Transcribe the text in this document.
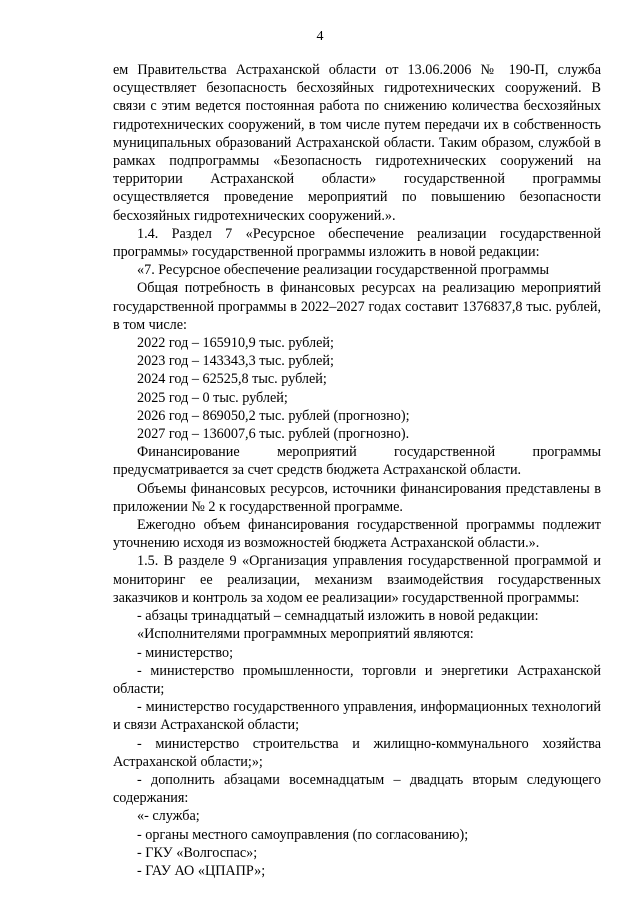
4

ем Правительства Астраханской области от 13.06.2006 № 190-П, служба осуществляет безопасность бесхозяйных гидротехнических сооружений. В связи с этим ведется постоянная работа по снижению количества бесхозяйных гидротехнических сооружений, в том числе путем передачи их в собственность муниципальных образований Астраханской области. Таким образом, службой в рамках подпрограммы «Безопасность гидротехнических сооружений на территории Астраханской области» государственной программы осуществляется проведение мероприятий по повышению безопасности бесхозяйных гидротехнических сооружений.».

1.4. Раздел 7 «Ресурсное обеспечение реализации государственной программы» государственной программы изложить в новой редакции:

«7. Ресурсное обеспечение реализации государственной программы

Общая потребность в финансовых ресурсах на реализацию мероприятий государственной программы в 2022–2027 годах составит 1376837,8 тыс. рублей, в том числе:

2022 год – 165910,9 тыс. рублей;

2023 год – 143343,3 тыс. рублей;

2024 год – 62525,8 тыс. рублей;

2025 год – 0 тыс. рублей;

2026 год – 869050,2 тыс. рублей (прогнозно);

2027 год – 136007,6 тыс. рублей (прогнозно).

Финансирование мероприятий государственной программы предусматривается за счет средств бюджета Астраханской области.

Объемы финансовых ресурсов, источники финансирования представлены в приложении № 2 к государственной программе.

Ежегодно объем финансирования государственной программы подлежит уточнению исходя из возможностей бюджета Астраханской области.».

1.5. В разделе 9 «Организация управления государственной программой и мониторинг ее реализации, механизм взаимодействия государственных заказчиков и контроль за ходом ее реализации» государственной программы:

- абзацы тринадцатый – семнадцатый изложить в новой редакции:

«Исполнителями программных мероприятий являются:

- министерство;

- министерство промышленности, торговли и энергетики Астраханской области;

- министерство государственного управления, информационных технологий и связи Астраханской области;

- министерство строительства и жилищно-коммунального хозяйства Астраханской области;»;

- дополнить абзацами восемнадцатым – двадцать вторым следующего содержания:

«- служба;

- органы местного самоуправления (по согласованию);

- ГКУ «Волгоспас»;

- ГАУ АО «ЦПАПР»;
